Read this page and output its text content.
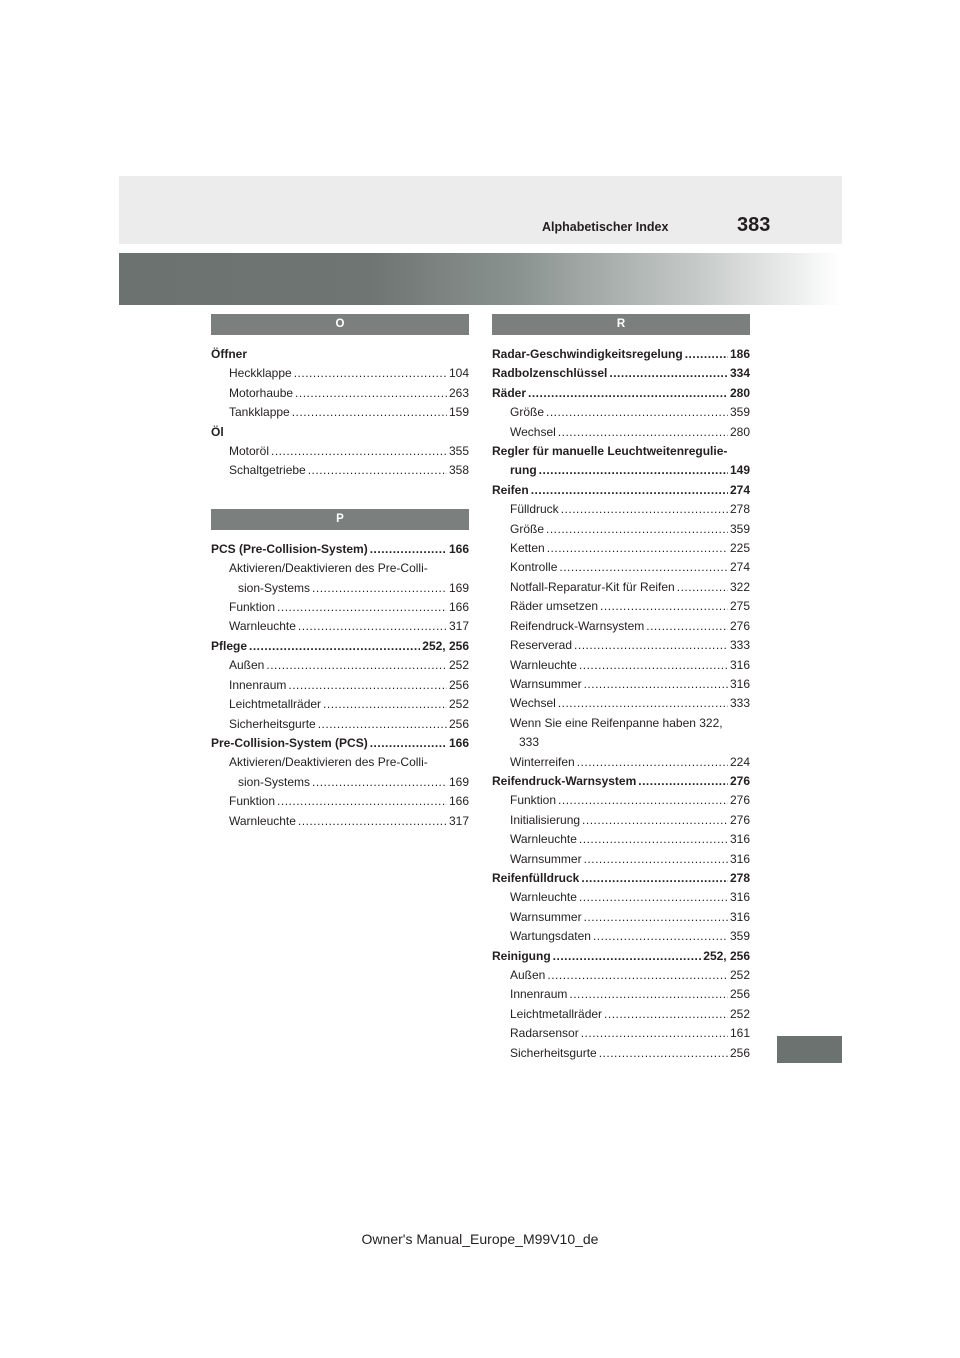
Alphabetischer Index	383
O
Öffner
Heckklappe .....	104
Motorhaube .....	263
Tankklappe .....	159
Öl
Motoröl .....	355
Schaltgetriebe .....	358
P
PCS (Pre-Collision-System) .....	166
Aktivieren/Deaktivieren des Pre-Colli-
sion-Systems .....	169
Funktion .....	166
Warnleuchte .....	317
Pflege .....	252, 256
Außen .....	252
Innenraum .....	256
Leichtmetallräder .....	252
Sicherheitsgurte .....	256
Pre-Collision-System (PCS) .....	166
Aktivieren/Deaktivieren des Pre-Colli-
sion-Systems .....	169
Funktion .....	166
Warnleuchte .....	317
R
Radar-Geschwindigkeitsregelung .....	186
Radbolzenschlüssel .....	334
Räder .....	280
Größe .....	359
Wechsel .....	280
Regler für manuelle Leuchtweitenregulie-
rung .....	149
Reifen .....	274
Fülldruck .....	278
Größe .....	359
Ketten .....	225
Kontrolle .....	274
Notfall-Reparatur-Kit für Reifen .....	322
Räder umsetzen .....	275
Reifendruck-Warnsystem .....	276
Reserverad .....	333
Warnleuchte .....	316
Warnsummer .....	316
Wechsel .....	333
Wenn Sie eine Reifenpanne haben 322,
333
Winterreifen .....	224
Reifendruck-Warnsystem .....	276
Funktion .....	276
Initialisierung .....	276
Warnleuchte .....	316
Warnsummer .....	316
Reifenfülldruck .....	278
Warnleuchte .....	316
Warnsummer .....	316
Wartungsdaten .....	359
Reinigung .....	252, 256
Außen .....	252
Innenraum .....	256
Leichtmetallräder .....	252
Radarsensor .....	161
Sicherheitsgurte .....	256
Owner's Manual_Europe_M99V10_de
